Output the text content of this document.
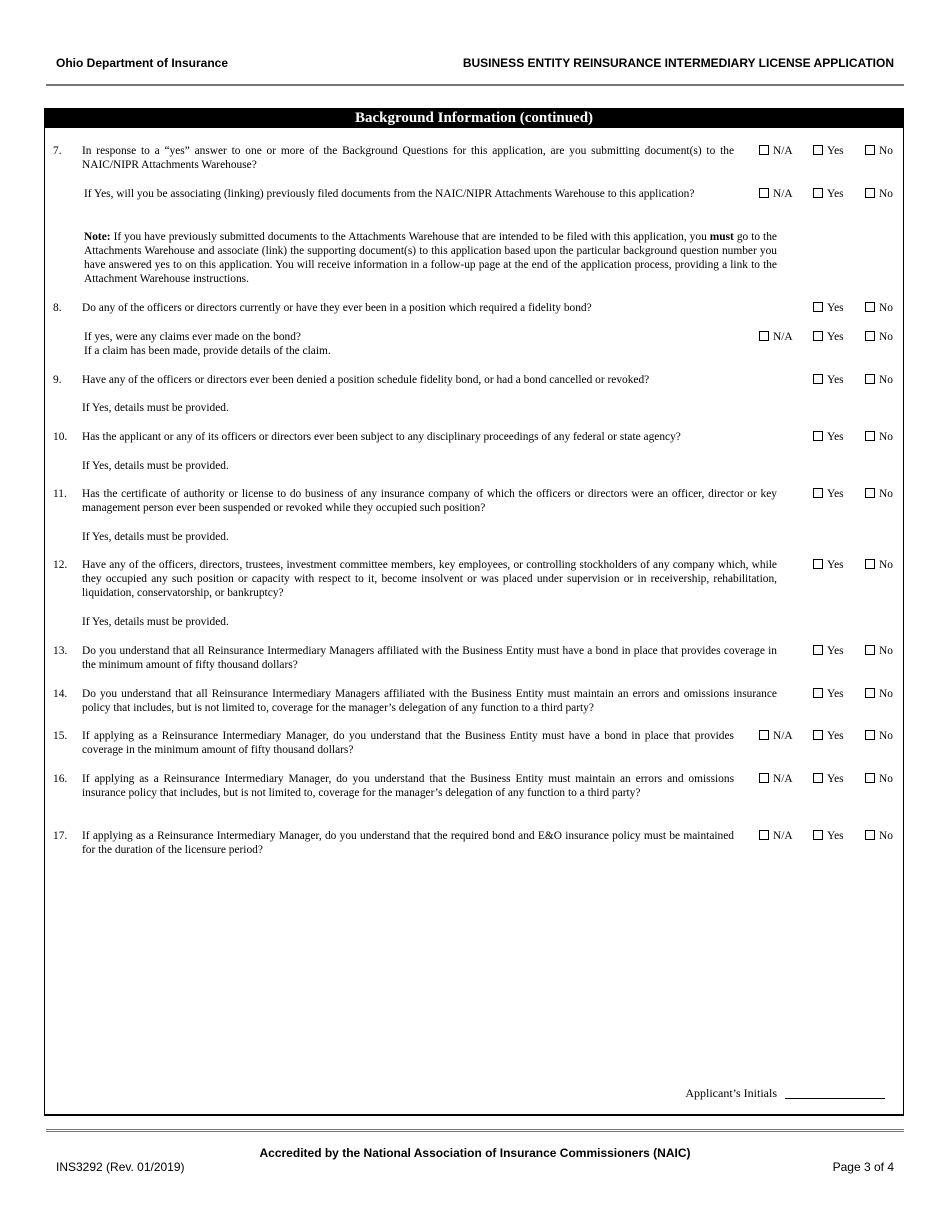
Ohio Department of Insurance	BUSINESS ENTITY REINSURANCE INTERMEDIARY LICENSE APPLICATION
Background Information (continued)
7. In response to a “yes” answer to one or more of the Background Questions for this application, are you submitting document(s) to the NAIC/NIPR Attachments Warehouse?
N/A	Yes	No
If Yes, will you be associating (linking) previously filed documents from the NAIC/NIPR Attachments Warehouse to this application?	N/A	Yes	No
Note: If you have previously submitted documents to the Attachments Warehouse that are intended to be filed with this application, you must go to the Attachments Warehouse and associate (link) the supporting document(s) to this application based upon the particular background question number you have answered yes to on this application. You will receive information in a follow-up page at the end of the application process, providing a link to the Attachment Warehouse instructions.
8. Do any of the officers or directors currently or have they ever been in a position which required a fidelity bond?	Yes	No
If yes, were any claims ever made on the bond?
If a claim has been made, provide details of the claim.
N/A	Yes	No
9. Have any of the officers or directors ever been denied a position schedule fidelity bond, or had a bond cancelled or revoked?	Yes	No
If Yes, details must be provided.
10. Has the applicant or any of its officers or directors ever been subject to any disciplinary proceedings of any federal or state agency?	Yes	No
If Yes, details must be provided.
11. Has the certificate of authority or license to do business of any insurance company of which the officers or directors were an officer, director or key management person ever been suspended or revoked while they occupied such position?
Yes	No
If Yes, details must be provided.
12. Have any of the officers, directors, trustees, investment committee members, key employees, or controlling stockholders of any company which, while they occupied any such position or capacity with respect to it, become insolvent or was placed under supervision or in receivership, rehabilitation, liquidation, conservatorship, or bankruptcy?
Yes	No
If Yes, details must be provided.
13. Do you understand that all Reinsurance Intermediary Managers affiliated with the Business Entity must have a bond in place that provides coverage in the minimum amount of fifty thousand dollars?
Yes	No
14. Do you understand that all Reinsurance Intermediary Managers affiliated with the Business Entity must maintain an errors and omissions insurance policy that includes, but is not limited to, coverage for the manager’s delegation of any function to a third party?
Yes	No
15. If applying as a Reinsurance Intermediary Manager, do you understand that the Business Entity must have a bond in place that provides coverage in the minimum amount of fifty thousand dollars?
N/A	Yes	No
16. If applying as a Reinsurance Intermediary Manager, do you understand that the Business Entity must maintain an errors and omissions insurance policy that includes, but is not limited to, coverage for the manager’s delegation of any function to a third party?
N/A	Yes	No
17. If applying as a Reinsurance Intermediary Manager, do you understand that the required bond and E&O insurance policy must be maintained for the duration of the licensure period?
N/A	Yes	No
Applicant’s Initials
Accredited by the National Association of Insurance Commissioners (NAIC)
INS3292 (Rev. 01/2019)	Page 3 of 4
